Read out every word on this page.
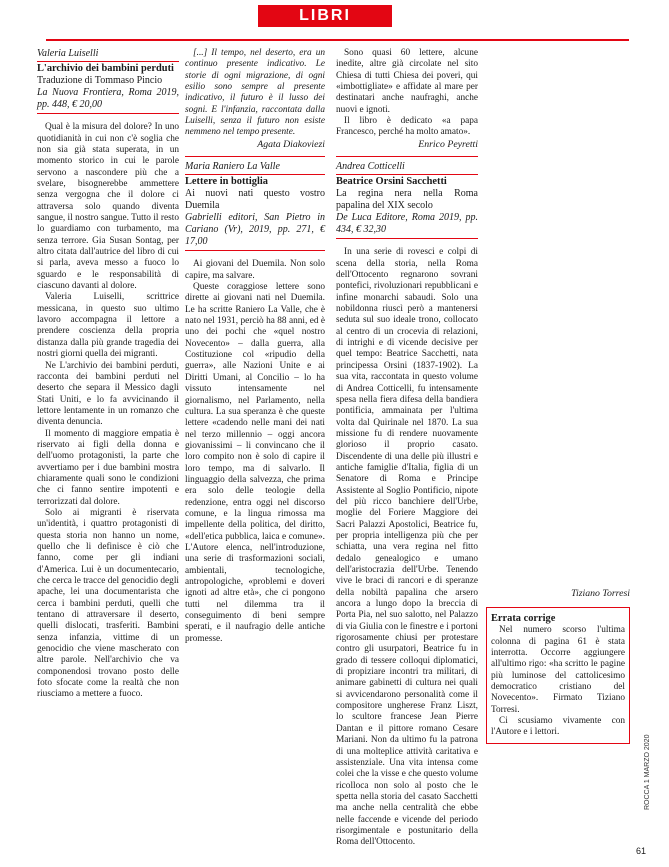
LIBRI
Valeria Luiselli
L'archivio dei bambini perduti
Traduzione di Tommaso Pincio
La Nuova Frontiera, Roma 2019, pp. 448, € 20,00

Qual è la misura del dolore? In uno quotidianità in cui non c'è soglia che non sia già stata superata, in un momento storico in cui le parole servono a nascondere più che a svelare, bisognerebbe ammettere senza vergogna che il dolore ci attraversa solo quando diventa sangue, il nostro sangue. Tutto il resto lo guardiamo con turbamento, ma senza terrore. Gia Susan Sontag, per altro citata dall'autrice del libro di cui si parla, aveva messo a fuoco lo sguardo e le responsabilità di ciascuno davanti al dolore.

Valeria Luiselli, scrittrice messicana, in questo suo ultimo lavoro accompagna il lettore a prendere coscienza della propria distanza dalla più grande tragedia dei nostri giorni quella dei migranti.

Ne L'archivio dei bambini perduti, racconta dei bambini perduti nel deserto che separa il Messico dagli Stati Uniti, e lo fa avvicinando il lettore lentamente in un romanzo che diventa denuncia.

Il momento di maggiore empatia è riservato ai figli della donna e dell'uomo protagonisti, la parte che avvertiamo per i due bambini mostra chiaramente quali sono le condizioni che ci fanno sentire impotenti e terrorizzati dal dolore.

Solo ai migranti è riservata un'identità, i quattro protagonisti di questa storia non hanno un nome, quello che li definisce è ciò che fanno, come per gli indiani d'America. Lui è un documentecario, che cerca le tracce del genocidio degli apache, lei una documentarista che cerca i bambini perduti, quelli che tentano di attraversare il deserto, quelli dislocati, trasferiti. Bambini senza infanzia, vittime di un genocidio che viene mascherato con altre parole. Nell'archivio che va componendosi trovano posto delle foto sfocate come la realtà che non riusciamo a mettere a fuoco.

[...] Il tempo, nel deserto, era un continuo presente indicativo. Le storie di ogni migrazione, di ogni esilio sono sempre al presente indicativo, il futuro è il lusso dei sogni. E l'infanzia, raccontata dalla Luiselli, senza il futuro non esiste nemmeno nel tempo presente.

Agata Diakoviezi

Maria Raniero La Valle
Lettere in bottiglia
Ai nuovi nati questo vostro Duemila
Gabrielli editori, San Pietro in Cariano (Vr), 2019, pp. 271, € 17,00

Ai giovani del Duemila. Non solo capire, ma salvare.

Queste coraggiose lettere sono dirette ai giovani nati nel Duemila. Le ha scritte Raniero La Valle, che è nato nel 1931, perciò ha 88 anni, ed è uno dei pochi che «quel nostro Novecento» – dalla guerra, alla Costituzione col «ripudio della guerra», alle Nazioni Unite e ai Diritti Umani, al Concilio – lo ha vissuto intensamente nel giornalismo, nel Parlamento, nella cultura. La sua speranza è che queste lettere «cadendo nelle mani dei nati nel terzo millennio – oggi ancora giovanissimi – li convincano che il loro compito non è solo di capire il loro tempo, ma di salvarlo. Il linguaggio della salvezza, che prima era solo delle teologie della redenzione, entra oggi nel discorso comune, e la lingua rimossa ma impellente della politica, del diritto, «dell'etica pubblica, laica e comune». L'Autore elenca, nell'introduzione, una serie di trasformazioni sociali, ambientali, tecnologiche, antropologiche, «problemi e doveri ignoti ad altre età», che ci pongono tutti nel dilemma tra il conseguimento di beni sempre sperati, e il naufragio delle antiche promesse.

Sono quasi 60 lettere, alcune inedite, altre già circolate nel sito Chiesa di tutti Chiesa dei poveri, qui «imbottigliate» e affidate al mare per destinatari anche naufraghi, anche nuovi e ignoti.

Il libro è dedicato «a papa Francesco, perché ha molto amato».

Enrico Peyretti

Andrea Cotticelli
Beatrice Orsini Sacchetti
La regina nera nella Roma papalina del XIX secolo
De Luca Editore, Roma 2019, pp. 434, € 32,30

In una serie di rovesci e colpi di scena della storia, nella Roma dell'Ottocento regnarono sovrani pontefici, rivoluzionari repubblicani e infine monarchi sabaudi. Solo una nobildonna riuscì però a mantenersi seduta sul suo ideale trono, collocato al centro di un crocevia di relazioni, di intrighi e di vicende decisive per quel tempo: Beatrice Sacchetti, nata principessa Orsini (1837-1902). La sua vita, raccontata in questo volume di Andrea Cotticelli, fu intensamente spesa nella fiera difesa della bandiera pontificia, ammainata per l'ultima volta dal Quirinale nel 1870. La sua missione fu di rendere nuovamente glorioso il proprio casato. Discendente di una delle più illustri e antiche famiglie d'Italia, figlia di un Senatore di Roma e Principe Assistente al Soglio Pontificio, nipote del più ricco banchiere dell'Urbe, moglie del Foriere Maggiore dei Sacri Palazzi Apostolici, Beatrice fu, per propria intelligenza più che per schiatta, una vera regina nel fitto dedalo genealogico e umano dell'aristocrazia dell'Urbe. Tenendo vive le braci di rancori e di speranze della nobiltà papalina che arsero ancora a lungo dopo la breccia di Porta Pia, nel suo salotto, nel Palazzo di via Giulia con le finestre e i portoni rigorosamente chiusi per protestare contro gli usurpatori, Beatrice fu in grado di tessere colloqui diplomatici, di propiziare incontri tra militari, di animare gabinetti di cultura nei quali si avvicendarono personalità come il compositore ungherese Franz Liszt, lo scultore francese Jean Pierre Dantan e il pittore romano Cesare Mariani. Non da ultimo fu la patrona di una molteplice attività caritativa e assistenziale. Una vita intensa come colei che la visse e che questo volume ricolloca non solo al posto che le spetta nella storia del casato Sacchetti ma anche nella centralità che ebbe nelle faccende e vicende del periodo risorgimentale e postunitario della Roma dell'Ottocento.

Tiziano Torresi

Errata corrige

Nel numero scorso l'ultima colonna di pagina 61 è stata interrotta. Occorre aggiungere all'ultimo rigo: «ha scritto le pagine più luminose del cattolicesimo democratico cristiano del Novecento». Firmato Tiziano Torresi.

Ci scusiamo vivamente con l'Autore e i lettori.

ROCCA 1 MARZO 2020
61
